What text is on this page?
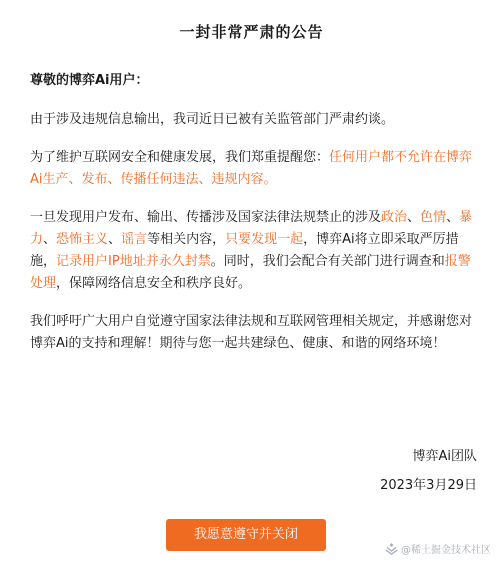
一封非常严肃的公告

尊敬的博弈Ai用户：

由于涉及违规信息输出，我司近日已被有关监管部门严肃约谈。

为了维护互联网安全和健康发展，我们郑重提醒您：任何用户都不允许在博弈Ai生产、发布、传播任何违法、违规内容。

一旦发现用户发布、输出、传播涉及国家法律法规禁止的涉及政治、色情、暴力、恐怖主义、谣言等相关内容，只要发现一起，博弈Ai将立即采取严厉措施，记录用户IP地址并永久封禁。同时，我们会配合有关部门进行调查和报警处理，保障网络信息安全和秩序良好。

我们呼吁广大用户自觉遵守国家法律法规和互联网管理相关规定，并感谢您对博弈Ai的支持和理解！期待与您一起共建绿色、健康、和谐的网络环境！

博弈Ai团队
2023年3月29日
我愿意遵守并关闭
@稀土掘金技术社区
